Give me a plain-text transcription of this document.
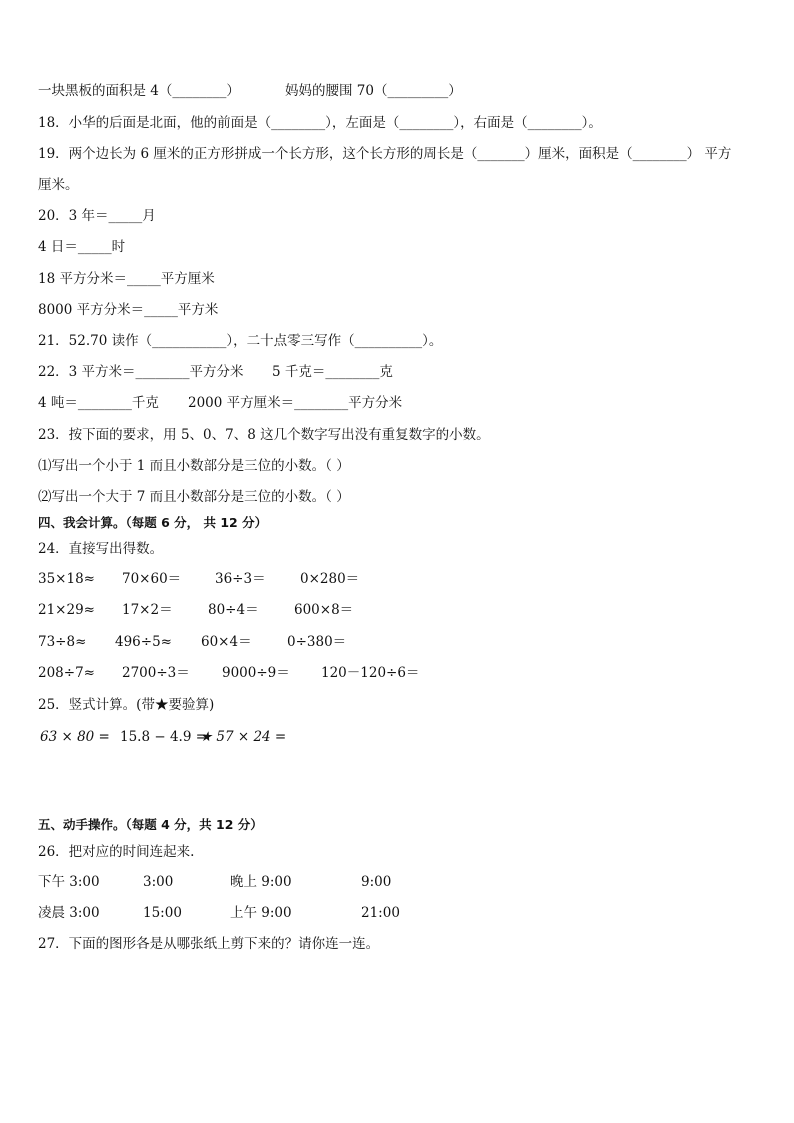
一块黑板的面积是 4（________）	妈妈的腰围 70（_________）
18．小华的后面是北面，他的前面是（________），左面是（________），右面是（________）。
19．两个边长为 6 厘米的正方形拼成一个长方形，这个长方形的周长是（_______）厘米，面积是（________） 平方
厘米。
20．3 年＝_____月
4 日＝_____时
18 平方分米＝_____平方厘米
8000 平方分米＝_____平方米
21．52.70 读作（___________），二十点零三写作（__________）。
22．3 平方米＝________平方分米 5 千克＝________克
4 吨＝________千克 2000 平方厘米＝________平方分米
23．按下面的要求，用 5、0、7、8 这几个数字写出没有重复数字的小数。
⑴写出一个小于 1 而且小数部分是三位的小数。（ ）
⑵写出一个大于 7 而且小数部分是三位的小数。（ ）
四、我会计算。（每题 6 分， 共 12 分）
24．直接写出得数。
35×18≈ 70×60＝	36÷3＝	0×280＝
21×29≈ 17×2＝	80÷4＝	600×8＝
73÷8≈ 496÷5≈ 60×4＝	0÷380＝
208÷7≈ 2700÷3＝ 9000÷9＝ 120－120÷6＝
25．竖式计算。(带★要验算)
63 × 80 = 15.8 − 4.9 =
★ 57 × 24 =
五、动手操作。（每题 4 分，共 12 分）
26．把对应的时间连起来.
下午 3:00	3:00	晚上 9:00	9:00
凌晨 3:00	15:00	上午 9:00	21:00
27．下面的图形各是从哪张纸上剪下来的？请你连一连。
